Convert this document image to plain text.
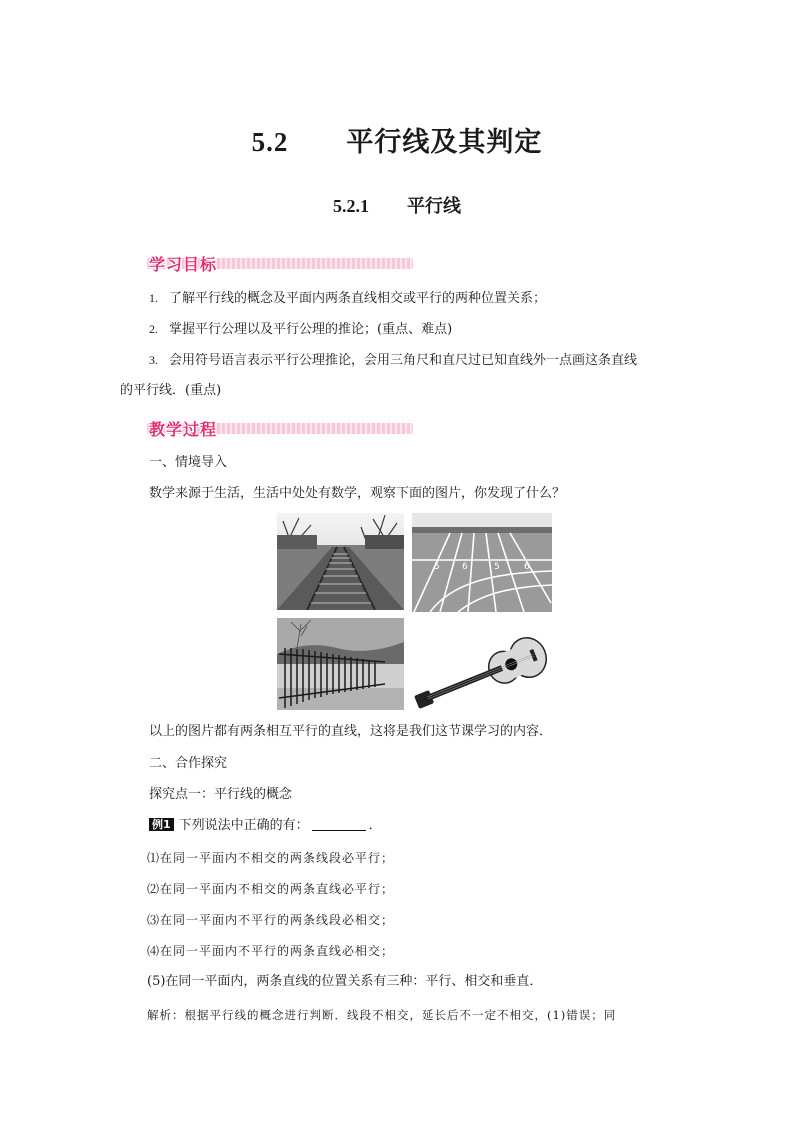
5.2 平行线及其判定
5.2.1 平行线
学习目标
1. 了解平行线的概念及平面内两条直线相交或平行的两种位置关系；
2. 掌握平行公理以及平行公理的推论；(重点、难点)
3. 会用符号语言表示平行公理推论，会用三角尺和直尺过已知直线外一点画这条直线
的平行线．(重点)
教学过程
一、情境导入
数学来源于生活，生活中处处有数学，观察下面的图片，你发现了什么？
5 6	5	6
以上的图片都有两条相互平行的直线，这将是我们这节课学习的内容．
二、合作探究
探究点一：平行线的概念
例1 下列说法中正确的有：	．
⑴在同一平面内不相交的两条线段必平行；
⑵在同一平面内不相交的两条直线必平行；
⑶在同一平面内不平行的两条线段必相交；
⑷在同一平面内不平行的两条直线必相交；
(5)在同一平面内，两条直线的位置关系有三种：平行、相交和垂直．
解析：根据平行线的概念进行判断．线段不相交，延长后不一定不相交，(1)错误；同
